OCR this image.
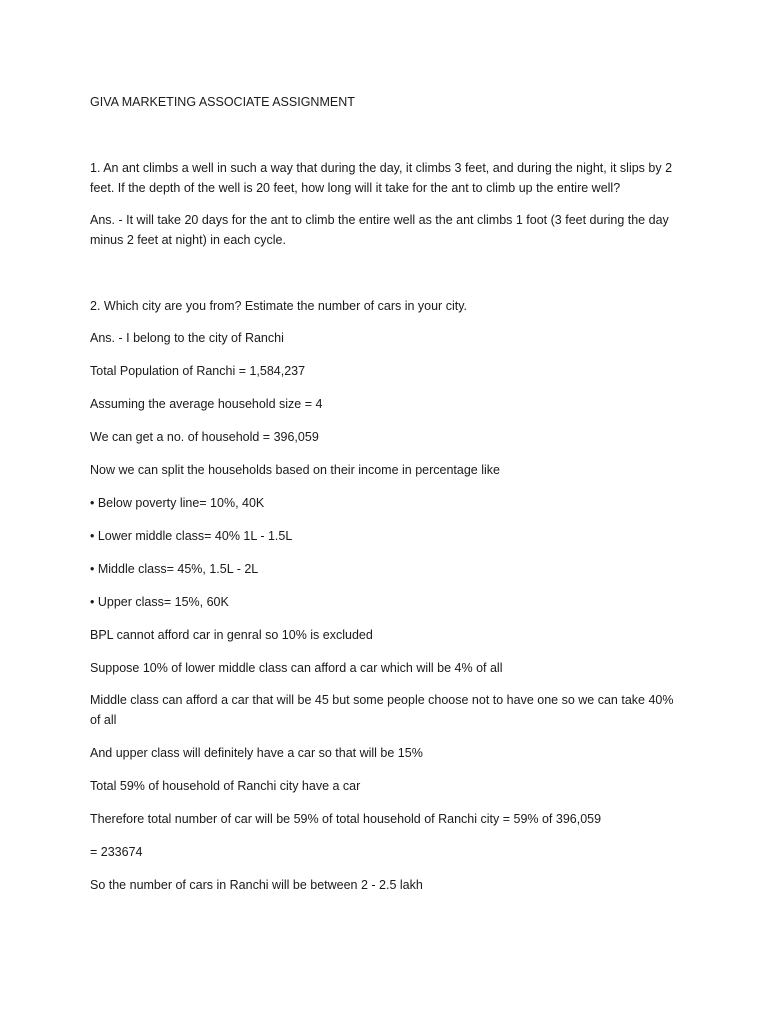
GIVA MARKETING ASSOCIATE ASSIGNMENT

1. An ant climbs a well in such a way that during the day, it climbs 3 feet, and during the night, it slips by 2 feet. If the depth of the well is 20 feet, how long will it take for the ant to climb up the entire well?

Ans. - It will take 20 days for the ant to climb the entire well as the ant climbs 1 foot (3 feet during the day minus 2 feet at night) in each cycle.

2. Which city are you from? Estimate the number of cars in your city.

Ans. - I belong to the city of Ranchi

Total Population of Ranchi = 1,584,237

Assuming the average household size = 4

We can get a no. of household = 396,059

Now we can split the households based on their income in percentage like

• Below poverty line= 10%, 40K

• Lower middle class= 40% 1L - 1.5L

• Middle class= 45%, 1.5L - 2L

• Upper class= 15%, 60K

BPL cannot afford car in genral so 10% is excluded

Suppose 10% of lower middle class can afford a car which will be 4% of all

Middle class can afford a car that will be 45 but some people choose not to have one so we can take 40% of all

And upper class will definitely have a car so that will be 15%

Total 59% of household of Ranchi city have a car

Therefore total number of car will be 59% of total household of Ranchi city = 59% of 396,059

= 233674

So the number of cars in Ranchi will be between 2 - 2.5 lakh
